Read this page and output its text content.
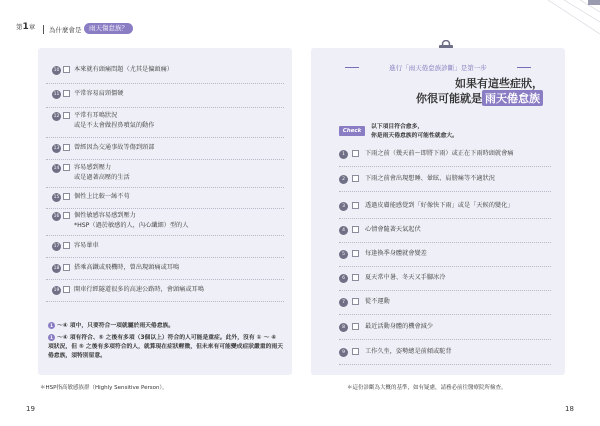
第1章 為什麼會是	雨天傷怠族？
10 本來就有頭痛問題（尤其是偏頭痛）
11 平常容易肩頸僵硬
12 平常有耳鳴狀況
或是不太會做捏鼻噴氣的動作
13 曾經因為交通事故等傷到頸部
14 容易感到壓力
或是過著高壓的生活
15 個性上比較一絲不苟
16 個性敏感容易感到壓力
*HSP（過於敏感的人，內心纖細）型的人
17 容易暈車
18 搭乘高鐵或飛機時，曾出現頭痛或耳鳴
19 開車行經隧道很多的高速公路時，會頭痛或耳鳴
1 ～④ 項中，只要符合一項就屬於雨天倦怠族。
1 ～④ 項有符合、⑤ 之後有多項（3個以上）符合的人可能是重症。此外，沒有 ① ～ ④ 項狀況，但 ⑤ 之後有多項符合的人，就算現在症狀輕微，但未來有可能變成症狀嚴重的雨天倦怠族，須特別留意。
進行「雨天倦怠族診斷」是第一步
如果有這些症狀，
你很可能就是 雨天倦怠族
Check
以下項目符合愈多，
你是雨天倦怠族的可能性就愈大。
1	下雨之前（幾天前～即將下雨）或正在下雨時頭就會痛
2	下雨之前會出現想睡、暈眩、肩膀痛等不適狀況
3	透過皮膚能感覺到「好像快下雨」或是「天候的變化」
4	心情會隨著天氣起伏
5	每逢換季身體就會變差
6	夏天常中暑、冬天又手腳冰冷
7	從不運動
8	最近活動身體的機會減少
9	工作久坐，姿勢總是前傾或駝背
＊HSP指高敏感族群（Highly Sensitive Person）。	＊這份診斷為大概的基準，如有疑慮，請務必前往醫療院所檢查。
19	18
